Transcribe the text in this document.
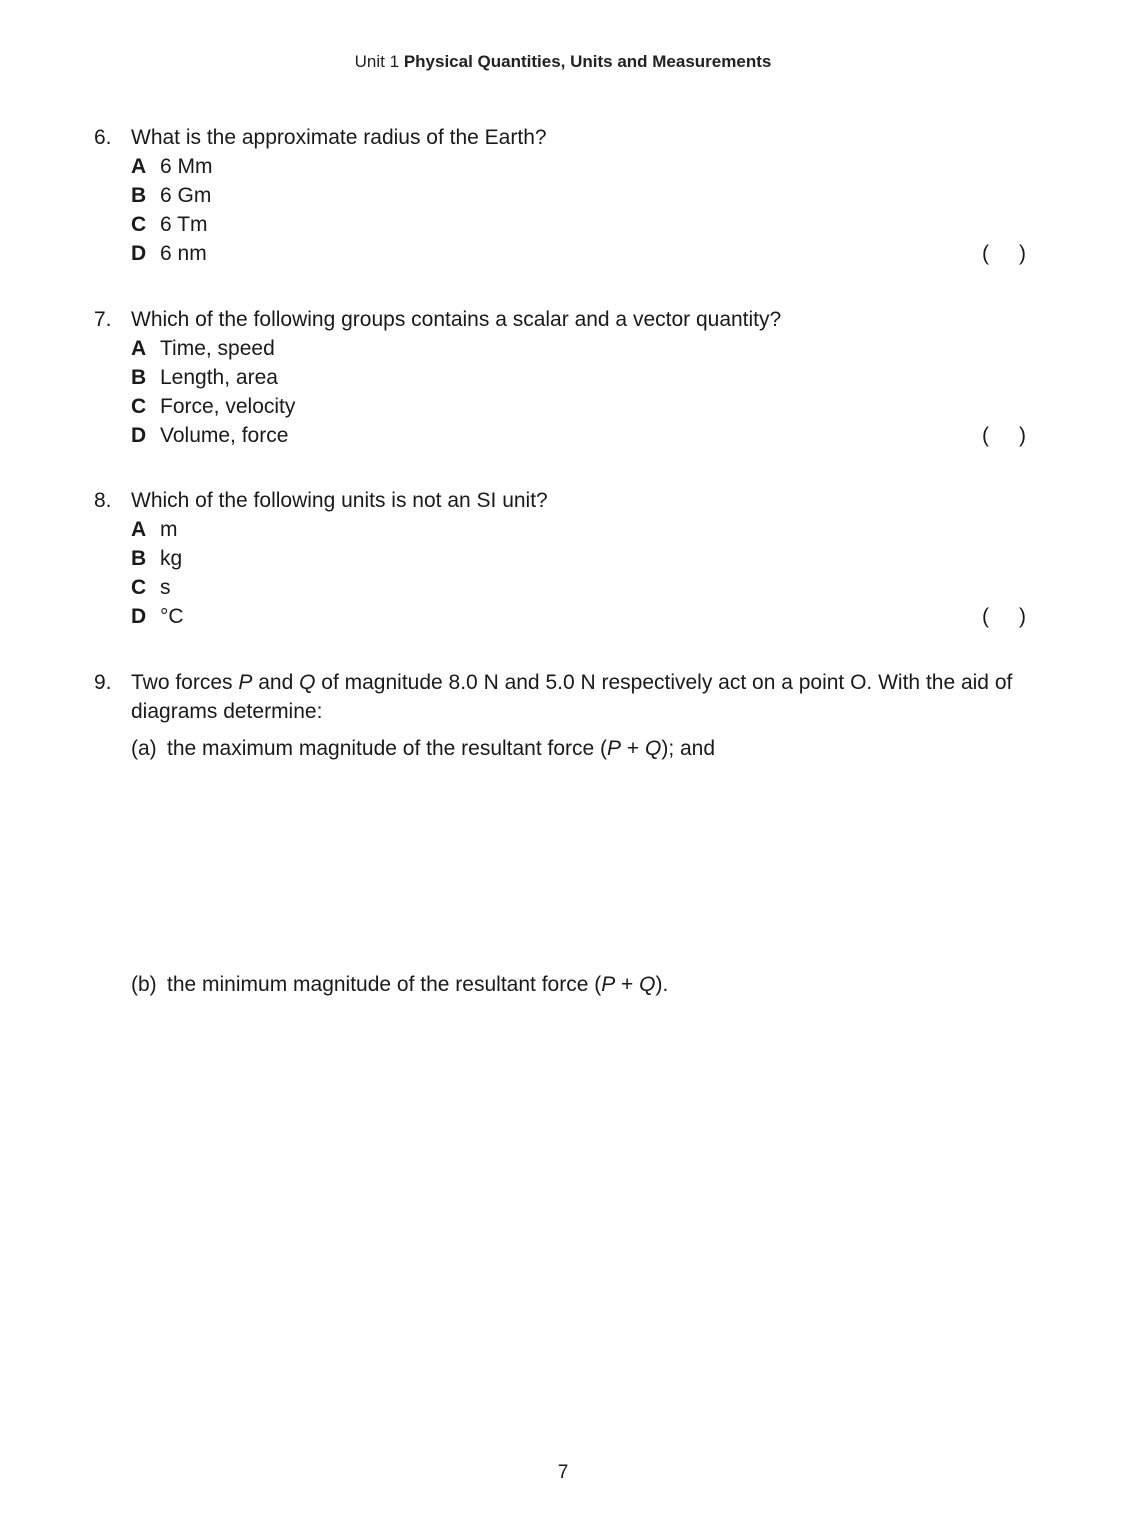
Unit 1 Physical Quantities, Units and Measurements
6. What is the approximate radius of the Earth?
A 6 Mm
B 6 Gm
C 6 Tm
D 6 nm	( )
7. Which of the following groups contains a scalar and a vector quantity?
A Time, speed
B Length, area
C Force, velocity
D Volume, force	( )
8. Which of the following units is not an SI unit?
A m
B kg
C s
D °C	( )
9. Two forces P and Q of magnitude 8.0 N and 5.0 N respectively act on a point O. With the aid of diagrams determine:
(a) the maximum magnitude of the resultant force (P + Q); and
(b) the minimum magnitude of the resultant force (P + Q).
7
